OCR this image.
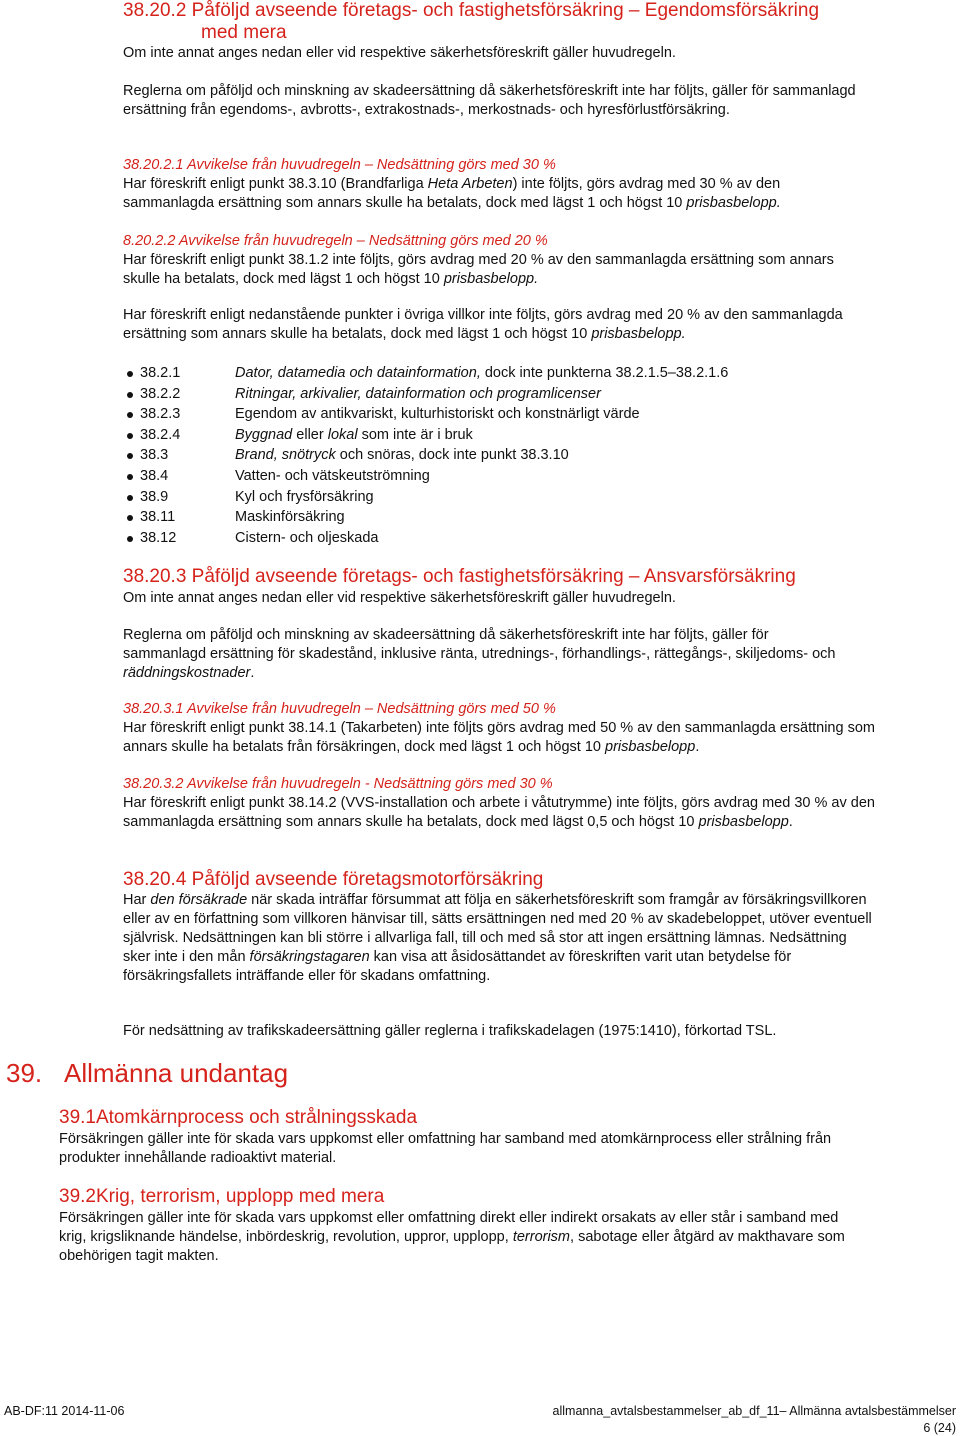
38.20.2 Påföljd avseende företags- och fastighetsförsäkring – Egendomsförsäkring
med mera

Om inte annat anges nedan eller vid respektive säkerhetsföreskrift gäller huvudregeln.

Reglerna om påföljd och minskning av skadeersättning då säkerhetsföreskrift inte har följts, gäller för sammanlagd ersättning från egendoms-, avbrotts-, extrakostnads-, merkostnads- och hyresförlustförsäkring.

38.20.2.1 Avvikelse från huvudregeln – Nedsättning görs med 30 %

Har föreskrift enligt punkt 38.3.10 (Brandfarliga Heta Arbeten) inte följts, görs avdrag med 30 % av den sammanlagda ersättning som annars skulle ha betalats, dock med lägst 1 och högst 10 prisbasbelopp.

8.20.2.2 Avvikelse från huvudregeln – Nedsättning görs med 20 %

Har föreskrift enligt punkt 38.1.2 inte följts, görs avdrag med 20 % av den sammanlagda ersättning som annars skulle ha betalats, dock med lägst 1 och högst 10 prisbasbelopp.

Har föreskrift enligt nedanstående punkter i övriga villkor inte följts, görs avdrag med 20 % av den sammanlagda ersättning som annars skulle ha betalats, dock med lägst 1 och högst 10 prisbasbelopp.

38.2.1	Dator, datamedia och datainformation, dock inte punkterna 38.2.1.5–38.2.1.6
38.2.2	Ritningar, arkivalier, datainformation och programlicenser
38.2.3	Egendom av antikvariskt, kulturhistoriskt och konstnärligt värde
38.2.4	Byggnad eller lokal som inte är i bruk
38.3	Brand, snötryck och snöras, dock inte punkt 38.3.10
38.4	Vatten- och vätskeutströmning
38.9	Kyl och frysförsäkring
38.11	Maskinförsäkring
38.12	Cistern- och oljeskada
38.20.3 Påföljd avseende företags- och fastighetsförsäkring – Ansvarsförsäkring

Om inte annat anges nedan eller vid respektive säkerhetsföreskrift gäller huvudregeln.

Reglerna om påföljd och minskning av skadeersättning då säkerhetsföreskrift inte har följts, gäller för sammanlagd ersättning för skadestånd, inklusive ränta, utrednings-, förhandlings-, rättegångs-, skiljedoms- och räddningskostnader.

38.20.3.1 Avvikelse från huvudregeln – Nedsättning görs med 50 %

Har föreskrift enligt punkt 38.14.1 (Takarbeten) inte följts görs avdrag med 50 % av den sammanlagda ersättning som annars skulle ha betalats från försäkringen, dock med lägst 1 och högst 10 prisbasbelopp.

38.20.3.2 Avvikelse från huvudregeln - Nedsättning görs med 30 %

Har föreskrift enligt punkt 38.14.2 (VVS-installation och arbete i våtutrymme) inte följts, görs avdrag med 30 % av den sammanlagda ersättning som annars skulle ha betalats, dock med lägst 0,5 och högst 10 prisbasbelopp.

38.20.4 Påföljd avseende företagsmotorförsäkring

Har den försäkrade när skada inträffar försummat att följa en säkerhetsföreskrift som framgår av försäkringsvillkoren eller av en författning som villkoren hänvisar till, sätts ersättningen ned med 20 % av skadebeloppet, utöver eventuell självrisk. Nedsättningen kan bli större i allvarliga fall, till och med så stor att ingen ersättning lämnas. Nedsättning sker inte i den mån försäkringstagaren kan visa att åsidosättandet av föreskriften varit utan betydelse för försäkringsfallets inträffande eller för skadans omfattning.

För nedsättning av trafikskadeersättning gäller reglerna i trafikskadelagen (1975:1410), förkortad TSL.

39. Allmänna undantag
39.1Atomkärnprocess och strålningsskada

Försäkringen gäller inte för skada vars uppkomst eller omfattning har samband med atomkärnprocess eller strålning från produkter innehållande radioaktivt material.

39.2Krig, terrorism, upplopp med mera

Försäkringen gäller inte för skada vars uppkomst eller omfattning direkt eller indirekt orsakats av eller står i samband med krig, krigsliknande händelse, inbördeskrig, revolution, uppror, upplopp, terrorism, sabotage eller åtgärd av makthavare som obehörigen tagit makten.

AB-DF:11 2014-11-06	allmanna_avtalsbestammelser_ab_df_11– Allmänna avtalsbestämmelser
6 (24)
